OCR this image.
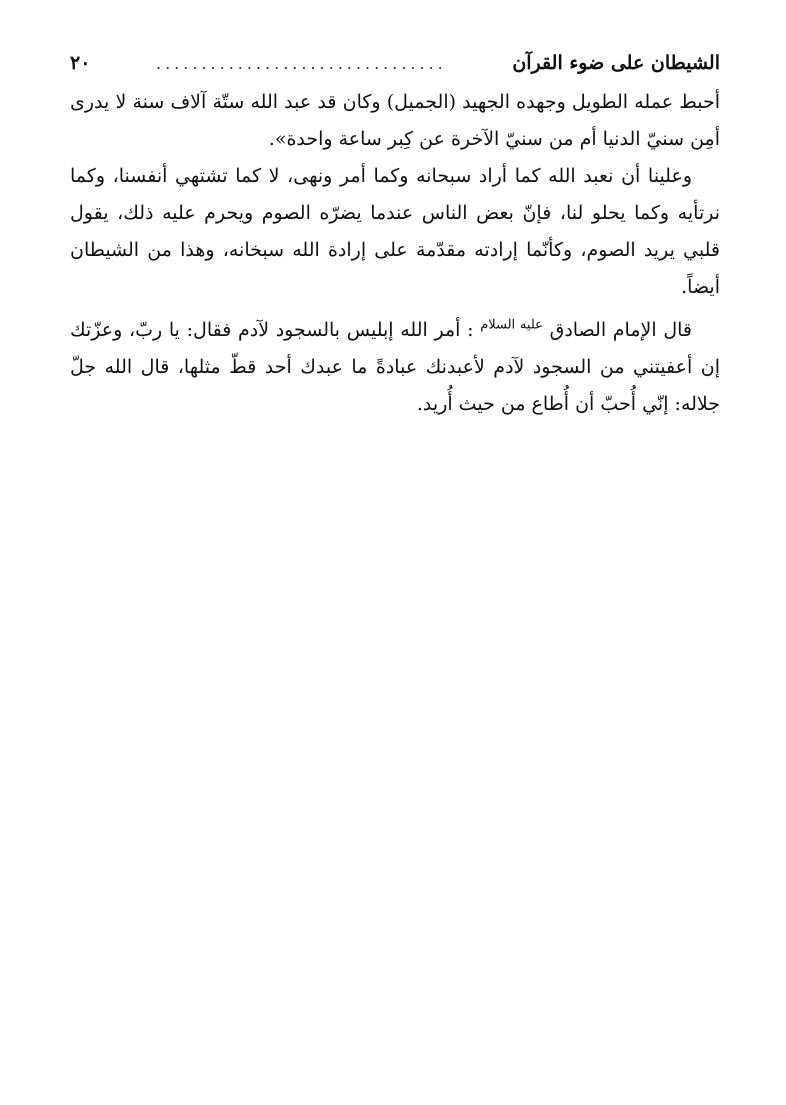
الشيطان على ضوء القرآن
................................
٢٠

أحبط عمله الطويل وجهده الجهيد (الجميل) وكان قد عبد الله ستّة آلاف سنة لا يدرى أمِن سنيّ الدنيا أم من سنيّ الآخرة عن كِبر ساعة واحدة».

وعلينا أن نعبد الله كما أراد سبحانه وكما أمر ونهى، لا كما تشتهي أنفسنا، وكما نرتأيه وكما يحلو لنا، فإنّ بعض الناس عندما يضرّه الصوم ويحرم عليه ذلك، يقول قلبي يريد الصوم، وكأنّما إرادته مقدّمة على إرادة الله سبخانه، وهذا من الشيطان أيضاً.

قال الإمام الصادق $^{عليه السلام}$ : أمر الله إبليس بالسجود لآدم فقال: يا ربّ، وعزّتك إن أعفيتني من السجود لآدم لأعبدنك عبادةً ما عبدك أحد قطّ مثلها، قال الله جلّ جلاله: إنّي أُحبّ أن أُطاع من حيث أُريد.
